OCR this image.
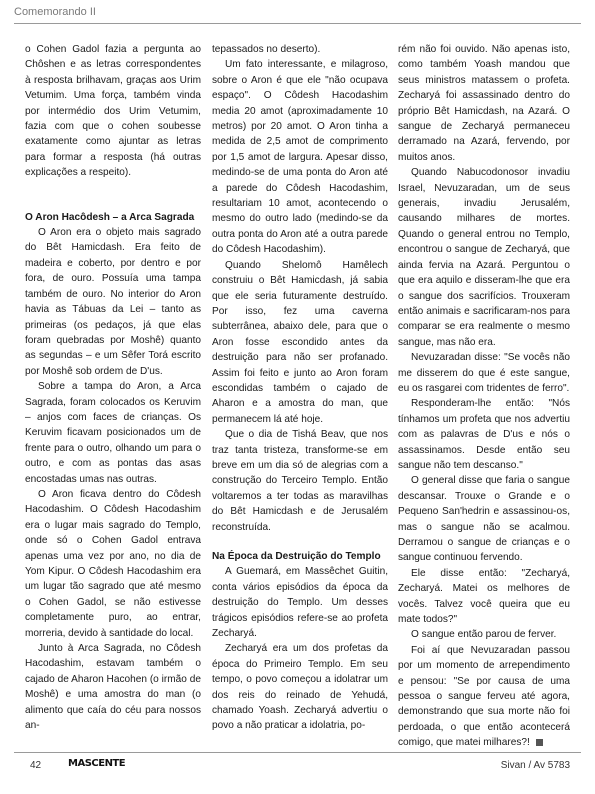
Comemorando II

o Cohen Gadol fazia a pergunta ao Chôshen e as letras correspondentes à resposta brilhavam, graças aos Urim Vetumim. Uma força, também vinda por intermédio dos Urim Vetumim, fazia com que o cohen soubesse exatamente como ajuntar as letras para formar a resposta (há outras explicações a respeito).

O Aron Hacôdesh – a Arca Sagrada

O Aron era o objeto mais sagrado do Bêt Hamicdash. Era feito de madeira e coberto, por dentro e por fora, de ouro. Possuía uma tampa também de ouro. No interior do Aron havia as Tábuas da Lei – tanto as primeiras (os pedaços, já que elas foram quebradas por Moshê) quanto as segundas – e um Sêfer Torá escrito por Moshê sob ordem de D'us.

Sobre a tampa do Aron, a Arca Sagrada, foram colocados os Keruvim – anjos com faces de crianças. Os Keruvim ficavam posicionados um de frente para o outro, olhando um para o outro, e com as pontas das asas encostadas umas nas outras.

O Aron ficava dentro do Côdesh Hacodashim. O Côdesh Hacodashim era o lugar mais sagrado do Templo, onde só o Cohen Gadol entrava apenas uma vez por ano, no dia de Yom Kipur. O Côdesh Hacodashim era um lugar tão sagrado que até mesmo o Cohen Gadol, se não estivesse completamente puro, ao entrar, morreria, devido à santidade do local.

Junto à Arca Sagrada, no Côdesh Hacodashim, estavam também o cajado de Aharon Hacohen (o irmão de Moshê) e uma amostra do man (o alimento que caía do céu para nossos an-

tepassados no deserto).

Um fato interessante, e milagroso, sobre o Aron é que ele "não ocupava espaço". O Côdesh Hacodashim media 20 amot (aproximadamente 10 metros) por 20 amot. O Aron tinha a medida de 2,5 amot de comprimento por 1,5 amot de largura. Apesar disso, medindo-se de uma ponta do Aron até a parede do Côdesh Hacodashim, resultariam 10 amot, acontecendo o mesmo do outro lado (medindo-se da outra ponta do Aron até a outra parede do Côdesh Hacodashim).

Quando Shelomô Hamêlech construiu o Bêt Hamicdash, já sabia que ele seria futuramente destruído. Por isso, fez uma caverna subterrânea, abaixo dele, para que o Aron fosse escondido antes da destruição para não ser profanado. Assim foi feito e junto ao Aron foram escondidas também o cajado de Aharon e a amostra do man, que permanecem lá até hoje.

Que o dia de Tishá Beav, que nos traz tanta tristeza, transforme-se em breve em um dia só de alegrias com a construção do Terceiro Templo. Então voltaremos a ter todas as maravilhas do Bêt Hamicdash e de Jerusalém reconstruída.

Na Época da Destruição do Templo

A Guemará, em Massêchet Guitin, conta vários episódios da época da destruição do Templo. Um desses trágicos episódios refere-se ao profeta Zecharyá.

Zecharyá era um dos profetas da época do Primeiro Templo. Em seu tempo, o povo começou a idolatrar um dos reis do reinado de Yehudá, chamado Yoash. Zecharyá advertiu o povo a não praticar a idolatria, po-

rém não foi ouvido. Não apenas isto, como também Yoash mandou que seus ministros matassem o profeta. Zecharyá foi assassinado dentro do próprio Bêt Hamicdash, na Azará. O sangue de Zecharyá permaneceu derramado na Azará, fervendo, por muitos anos.

Quando Nabucodonosor invadiu Israel, Nevuzaradan, um de seus generais, invadiu Jerusalém, causando milhares de mortes. Quando o general entrou no Templo, encontrou o sangue de Zecharyá, que ainda fervia na Azará. Perguntou o que era aquilo e disseram-lhe que era o sangue dos sacrifícios. Trouxeram então animais e sacrificaram-nos para comparar se era realmente o mesmo sangue, mas não era.

Nevuzaradan disse: "Se vocês não me disserem do que é este sangue, eu os rasgarei com tridentes de ferro".

Responderam-lhe então: "Nós tínhamos um profeta que nos advertiu com as palavras de D'us e nós o assassinamos. Desde então seu sangue não tem descanso."

O general disse que faria o sangue descansar. Trouxe o Grande e o Pequeno San'hedrin e assassinou-os, mas o sangue não se acalmou. Derramou o sangue de crianças e o sangue continuou fervendo.

Ele disse então: "Zecharyá, Zecharyá. Matei os melhores de vocês. Talvez você queira que eu mate todos?"

O sangue então parou de ferver.

Foi aí que Nevuzaradan passou por um momento de arrependimento e pensou: "Se por causa de uma pessoa o sangue ferveu até agora, demonstrando que sua morte não foi perdoada, o que então acontecerá comigo, que matei milhares?!

42	MASCENTE	Sivan / Av 5783
